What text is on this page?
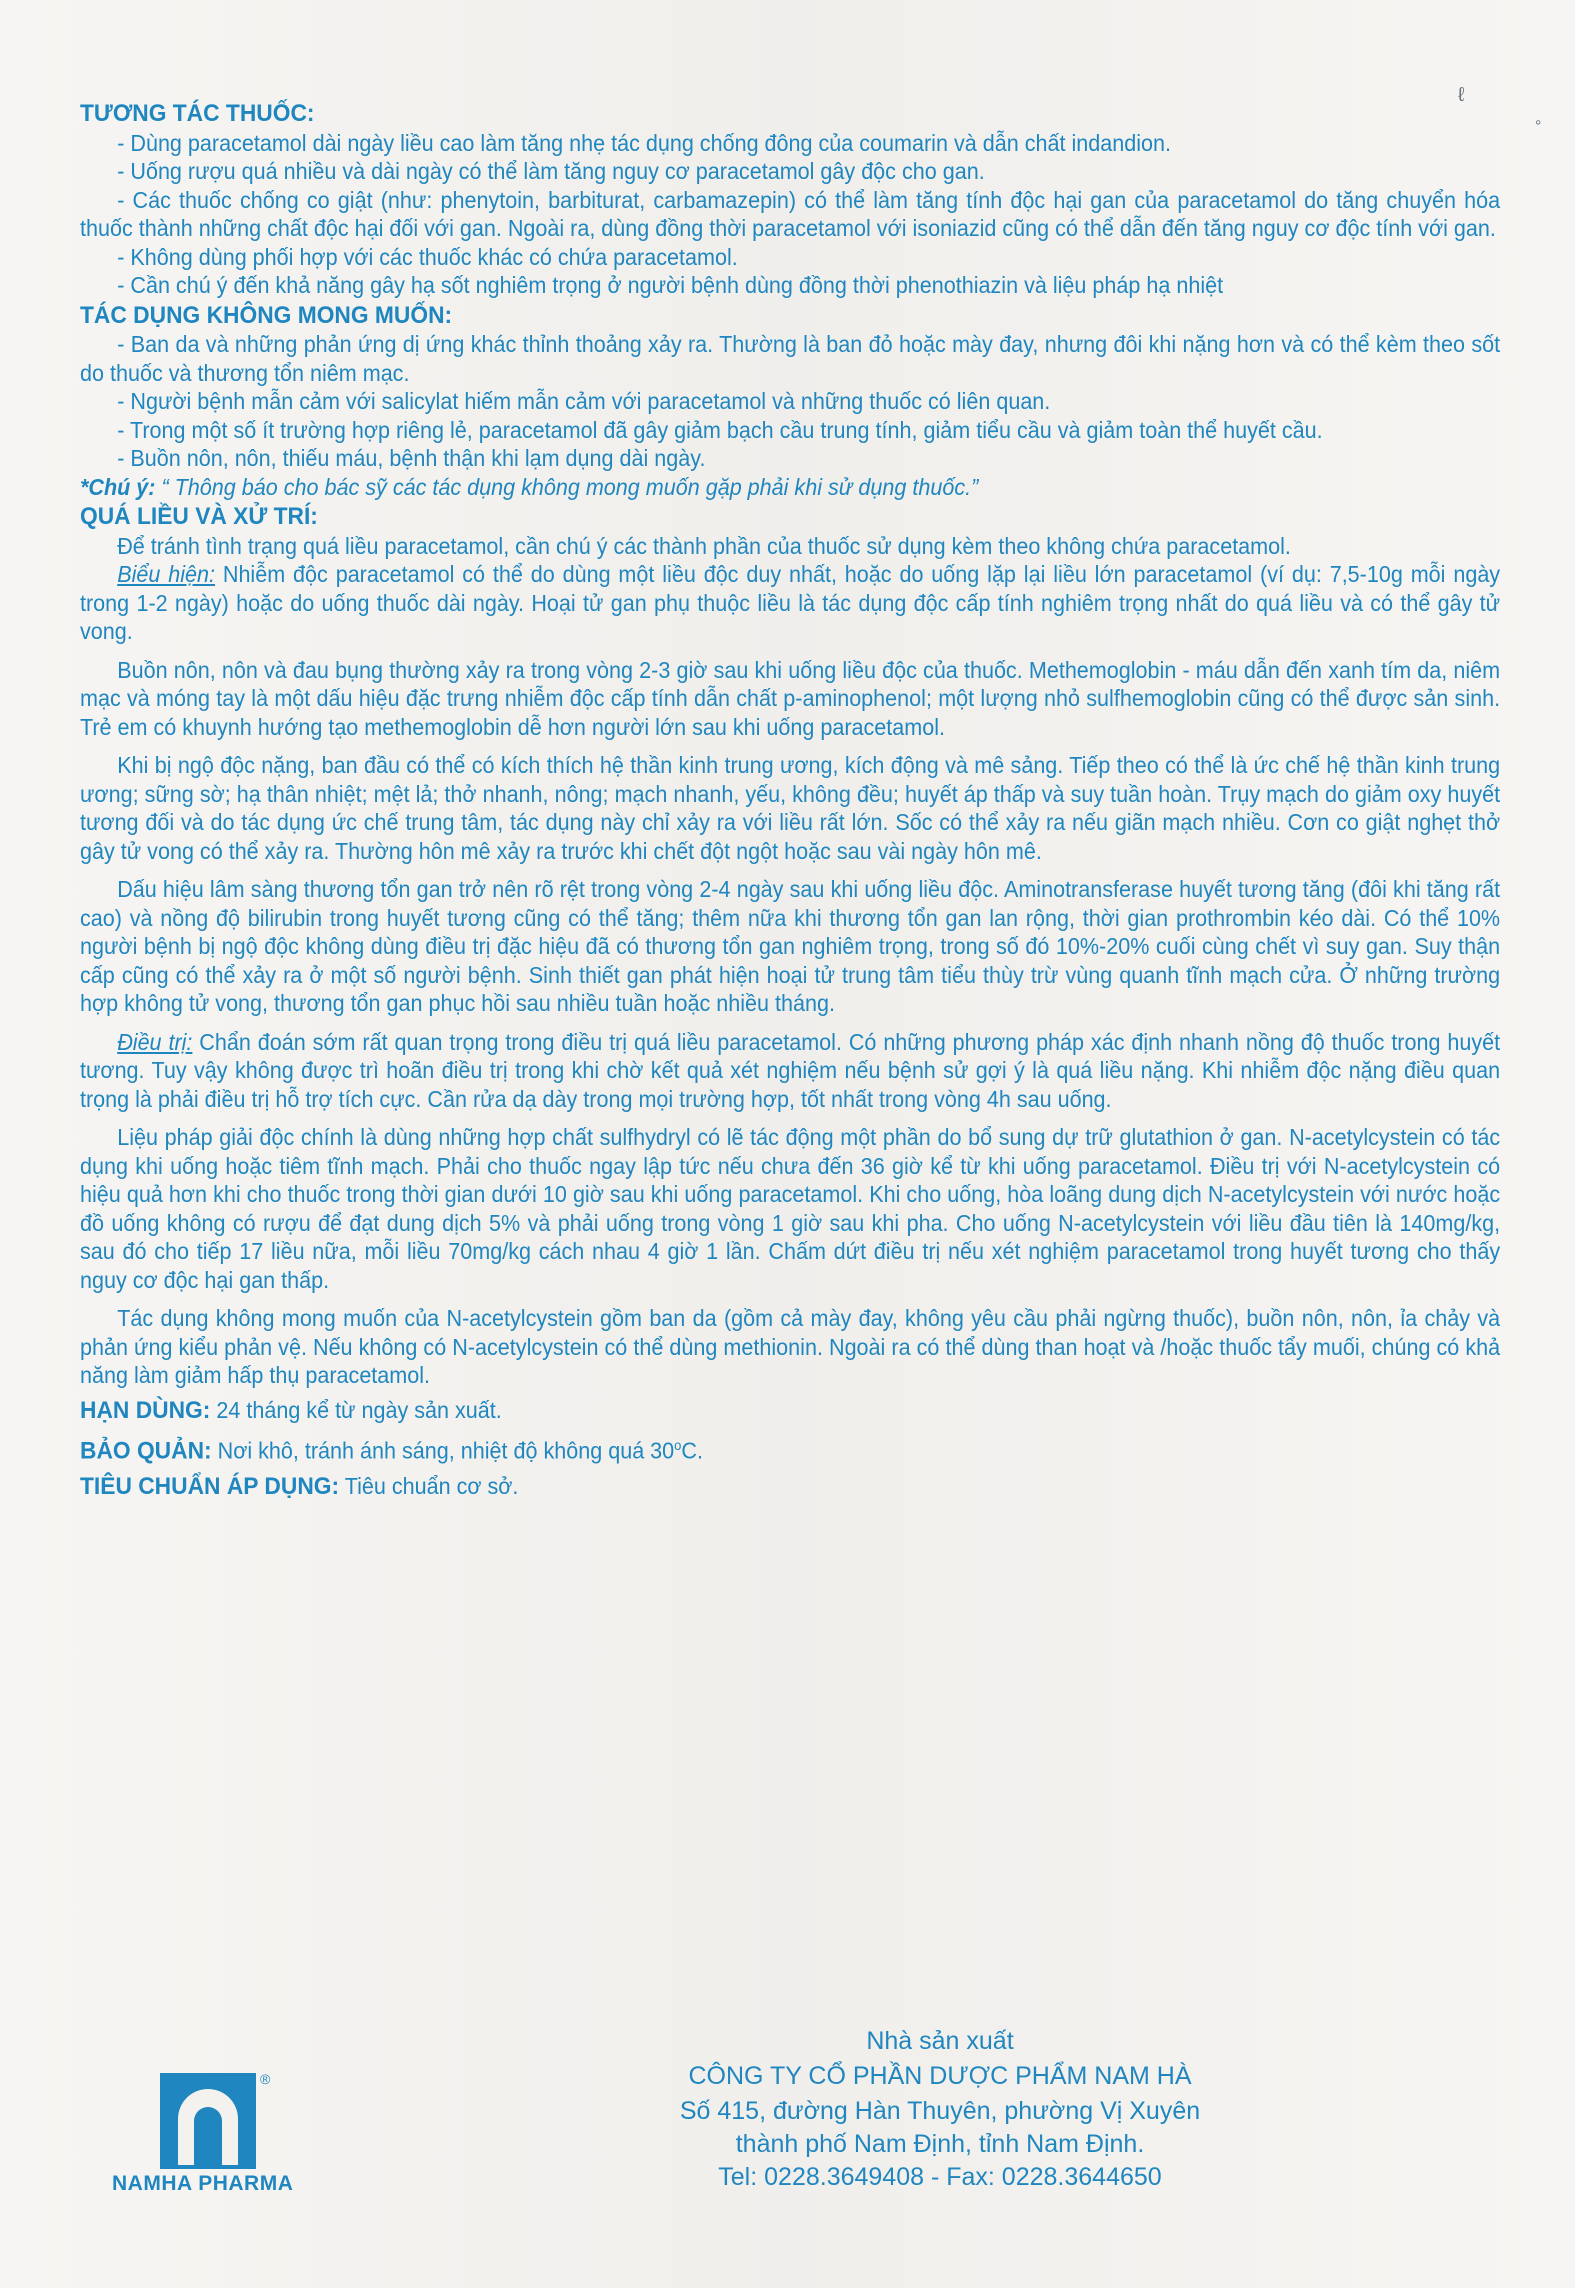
ℓ
°
TƯƠNG TÁC THUỐC:
- Dùng paracetamol dài ngày liều cao làm tăng nhẹ tác dụng chống đông của coumarin và dẫn chất indandion.
- Uống rượu quá nhiều và dài ngày có thể làm tăng nguy cơ paracetamol gây độc cho gan.
- Các thuốc chống co giật (như: phenytoin, barbiturat, carbamazepin) có thể làm tăng tính độc hại gan của paracetamol do tăng chuyển hóa thuốc thành những chất độc hại đối với gan. Ngoài ra, dùng đồng thời paracetamol với isoniazid cũng có thể dẫn đến tăng nguy cơ độc tính với gan.
- Không dùng phối hợp với các thuốc khác có chứa paracetamol.
- Cần chú ý đến khả năng gây hạ sốt nghiêm trọng ở người bệnh dùng đồng thời phenothiazin và liệu pháp hạ nhiệt
TÁC DỤNG KHÔNG MONG MUỐN:
- Ban da và những phản ứng dị ứng khác thỉnh thoảng xảy ra. Thường là ban đỏ hoặc mày đay, nhưng đôi khi nặng hơn và có thể kèm theo sốt do thuốc và thương tổn niêm mạc.
- Người bệnh mẫn cảm với salicylat hiếm mẫn cảm với paracetamol và những thuốc có liên quan.
- Trong một số ít trường hợp riêng lẻ, paracetamol đã gây giảm bạch cầu trung tính, giảm tiểu cầu và giảm toàn thể huyết cầu.
- Buồn nôn, nôn, thiếu máu, bệnh thận khi lạm dụng dài ngày.
*Chú ý: “ Thông báo cho bác sỹ các tác dụng không mong muốn gặp phải khi sử dụng thuốc.”
QUÁ LIỀU VÀ XỬ TRÍ:
Để tránh tình trạng quá liều paracetamol, cần chú ý các thành phần của thuốc sử dụng kèm theo không chứa paracetamol.
Biểu hiện: Nhiễm độc paracetamol có thể do dùng một liều độc duy nhất, hoặc do uống lặp lại liều lớn paracetamol (ví dụ: 7,5-10g mỗi ngày trong 1-2 ngày) hoặc do uống thuốc dài ngày. Hoại tử gan phụ thuộc liều là tác dụng độc cấp tính nghiêm trọng nhất do quá liều và có thể gây tử vong.
Buồn nôn, nôn và đau bụng thường xảy ra trong vòng 2-3 giờ sau khi uống liều độc của thuốc. Methemoglobin - máu dẫn đến xanh tím da, niêm mạc và móng tay là một dấu hiệu đặc trưng nhiễm độc cấp tính dẫn chất p-aminophenol; một lượng nhỏ sulfhemoglobin cũng có thể được sản sinh. Trẻ em có khuynh hướng tạo methemoglobin dễ hơn người lớn sau khi uống paracetamol.
Khi bị ngộ độc nặng, ban đầu có thể có kích thích hệ thần kinh trung ương, kích động và mê sảng. Tiếp theo có thể là ức chế hệ thần kinh trung ương; sững sờ; hạ thân nhiệt; mệt lả; thở nhanh, nông; mạch nhanh, yếu, không đều; huyết áp thấp và suy tuần hoàn. Trụy mạch do giảm oxy huyết tương đối và do tác dụng ức chế trung tâm, tác dụng này chỉ xảy ra với liều rất lớn. Sốc có thể xảy ra nếu giãn mạch nhiều. Cơn co giật nghẹt thở gây tử vong có thể xảy ra. Thường hôn mê xảy ra trước khi chết đột ngột hoặc sau vài ngày hôn mê.
Dấu hiệu lâm sàng thương tổn gan trở nên rõ rệt trong vòng 2-4 ngày sau khi uống liều độc. Aminotransferase huyết tương tăng (đôi khi tăng rất cao) và nồng độ bilirubin trong huyết tương cũng có thể tăng; thêm nữa khi thương tổn gan lan rộng, thời gian prothrombin kéo dài. Có thể 10% người bệnh bị ngộ độc không dùng điều trị đặc hiệu đã có thương tổn gan nghiêm trọng, trong số đó 10%-20% cuối cùng chết vì suy gan. Suy thận cấp cũng có thể xảy ra ở một số người bệnh. Sinh thiết gan phát hiện hoại tử trung tâm tiểu thùy trừ vùng quanh tĩnh mạch cửa. Ở những trường hợp không tử vong, thương tổn gan phục hồi sau nhiều tuần hoặc nhiều tháng.
Điều trị: Chẩn đoán sớm rất quan trọng trong điều trị quá liều paracetamol. Có những phương pháp xác định nhanh nồng độ thuốc trong huyết tương. Tuy vậy không được trì hoãn điều trị trong khi chờ kết quả xét nghiệm nếu bệnh sử gợi ý là quá liều nặng. Khi nhiễm độc nặng điều quan trọng là phải điều trị hỗ trợ tích cực. Cần rửa dạ dày trong mọi trường hợp, tốt nhất trong vòng 4h sau uống.
Liệu pháp giải độc chính là dùng những hợp chất sulfhydryl có lẽ tác động một phần do bổ sung dự trữ glutathion ở gan. N-acetylcystein có tác dụng khi uống hoặc tiêm tĩnh mạch. Phải cho thuốc ngay lập tức nếu chưa đến 36 giờ kể từ khi uống paracetamol. Điều trị với N-acetylcystein có hiệu quả hơn khi cho thuốc trong thời gian dưới 10 giờ sau khi uống paracetamol. Khi cho uống, hòa loãng dung dịch N-acetylcystein với nước hoặc đồ uống không có rượu để đạt dung dịch 5% và phải uống trong vòng 1 giờ sau khi pha. Cho uống N-acetylcystein với liều đầu tiên là 140mg/kg, sau đó cho tiếp 17 liều nữa, mỗi liều 70mg/kg cách nhau 4 giờ 1 lần. Chấm dứt điều trị nếu xét nghiệm paracetamol trong huyết tương cho thấy nguy cơ độc hại gan thấp.
Tác dụng không mong muốn của N-acetylcystein gồm ban da (gồm cả mày đay, không yêu cầu phải ngừng thuốc), buồn nôn, nôn, ỉa chảy và phản ứng kiểu phản vệ. Nếu không có N-acetylcystein có thể dùng methionin. Ngoài ra có thể dùng than hoạt và /hoặc thuốc tẩy muối, chúng có khả năng làm giảm hấp thụ paracetamol.
HẠN DÙNG: 24 tháng kể từ ngày sản xuất.
BẢO QUẢN: Nơi khô, tránh ánh sáng, nhiệt độ không quá 30$^o$C.
TIÊU CHUẨN ÁP DỤNG: Tiêu chuẩn cơ sở.
®
NAMHA PHARMA
Nhà sản xuất
CÔNG TY CỔ PHẦN DƯỢC PHẨM NAM HÀ
Số 415, đường Hàn Thuyên, phường Vị Xuyên
thành phố Nam Định, tỉnh Nam Định.
Tel: 0228.3649408 - Fax: 0228.3644650
